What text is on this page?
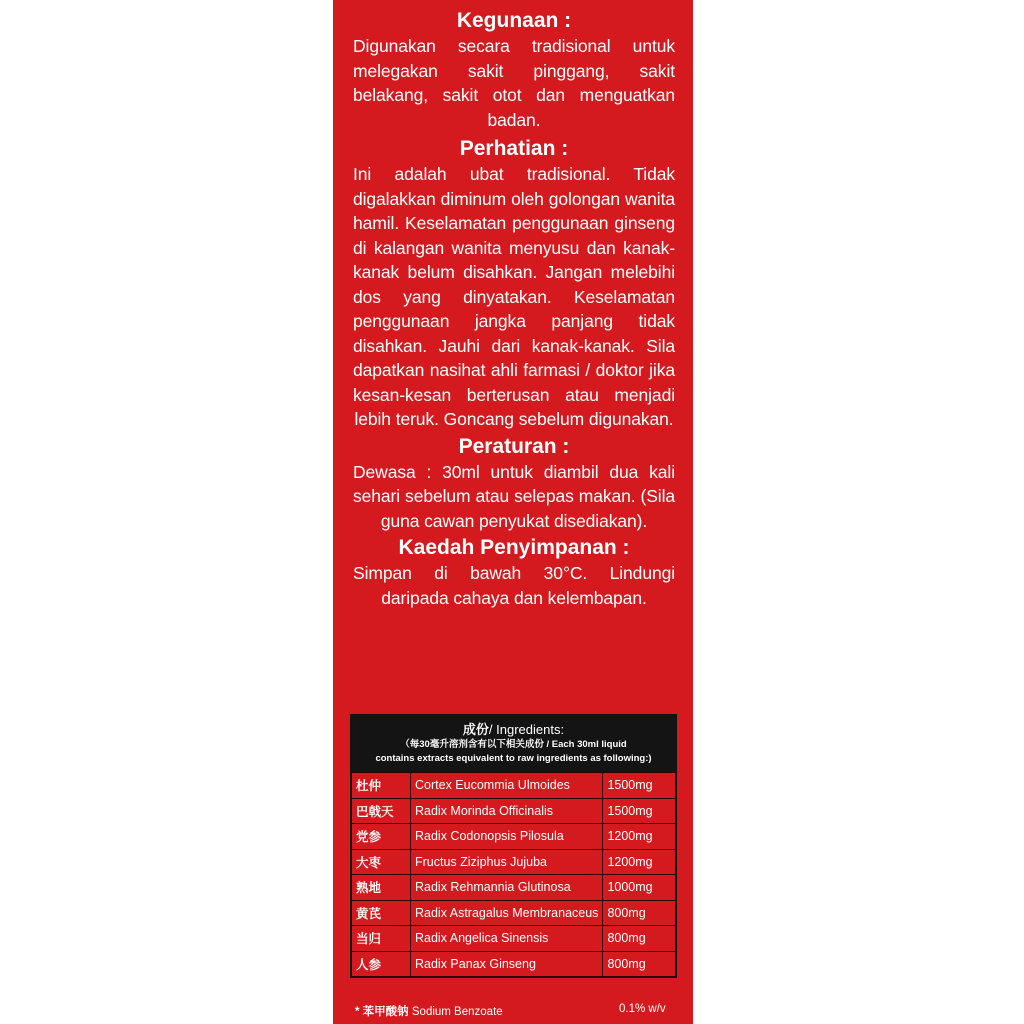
Kegunaan :

Digunakan secara tradisional untuk melegakan sakit pinggang, sakit belakang, sakit otot dan menguatkan badan.

Perhatian :

Ini adalah ubat tradisional. Tidak digalakkan diminum oleh golongan wanita hamil. Keselamatan penggunaan ginseng di kalangan wanita menyusu dan kanak-kanak belum disahkan. Jangan melebihi dos yang dinyatakan. Keselamatan penggunaan jangka panjang tidak disahkan. Jauhi dari kanak-kanak. Sila dapatkan nasihat ahli farmasi / doktor jika kesan-kesan berterusan atau menjadi lebih teruk. Goncang sebelum digunakan.

Peraturan :

Dewasa : 30ml untuk diambil dua kali sehari sebelum atau selepas makan. (Sila guna cawan penyukat disediakan).

Kaedah Penyimpanan :

Simpan di bawah 30°C. Lindungi daripada cahaya dan kelembapan.

成份/ Ingredients:
（每30毫升溶剂含有以下相关成份 / Each 30ml liquid
contains extracts equivalent to raw ingredients as following:)
杜仲	Cortex Eucommia Ulmoides	1500mg
巴戟天	Radix Morinda Officinalis	1500mg
党参	Radix Codonopsis Pilosula	1200mg
大枣	Fructus Ziziphus Jujuba	1200mg
熟地	Radix Rehmannia Glutinosa	1000mg
黄芪	Radix Astragalus Membranaceus	800mg
当归	Radix Angelica Sinensis	800mg
人参	Radix Panax Ginseng	800mg
* 苯甲酸钠 Sodium Benzoate	0.1% w/v
